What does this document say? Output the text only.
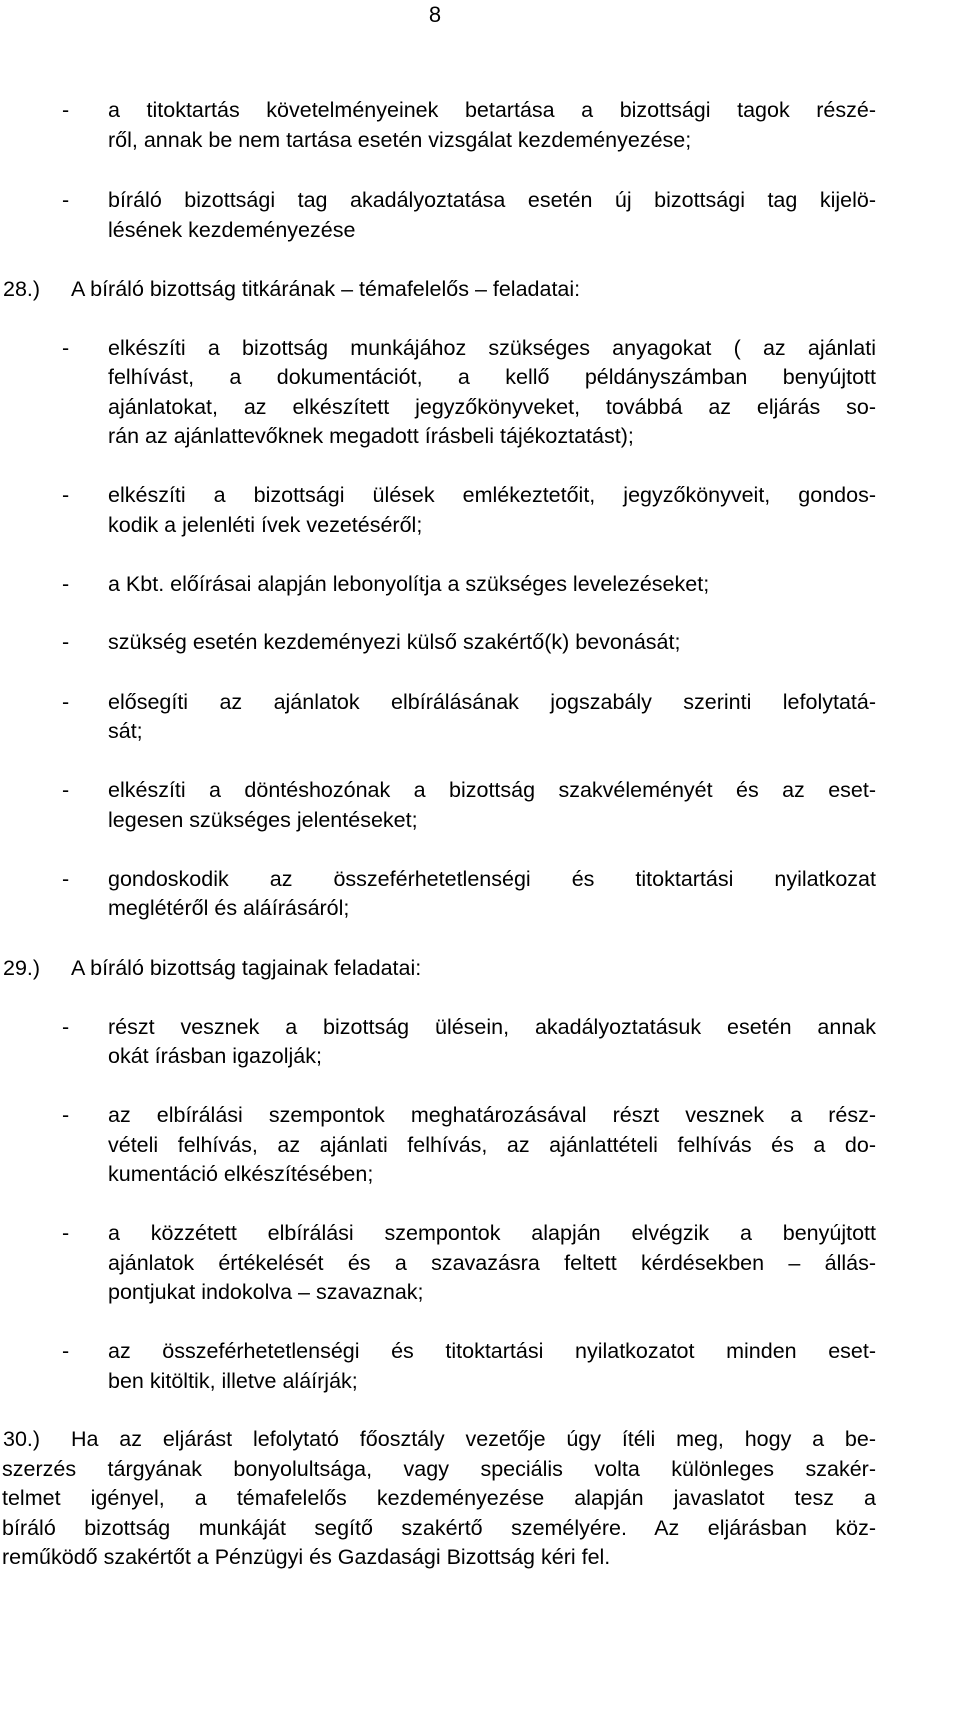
8
- a titoktartás követelményeinek betartása a bizottsági tagok részé-
ről, annak be nem tartása esetén vizsgálat kezdeményezése;
- bíráló bizottsági tag akadályoztatása esetén új bizottsági tag kijelö-
lésének kezdeményezése
28.) A bíráló bizottság titkárának – témafelelős – feladatai:
- elkészíti a bizottság munkájához szükséges anyagokat ( az ajánlati
felhívást, a dokumentációt, a kellő példányszámban benyújtott
ajánlatokat, az elkészített jegyzőkönyveket, továbbá az eljárás so-
rán az ajánlattevőknek megadott írásbeli tájékoztatást);
- elkészíti a bizottsági ülések emlékeztetőit, jegyzőkönyveit, gondos-
kodik a jelenléti ívek vezetéséről;
- a Kbt. előírásai alapján lebonyolítja a szükséges levelezéseket;
- szükség esetén kezdeményezi külső szakértő(k) bevonását;
- elősegíti az ajánlatok elbírálásának jogszabály szerinti lefolytatá-
sát;
- elkészíti a döntéshozónak a bizottság szakvéleményét és az eset-
legesen szükséges jelentéseket;
- gondoskodik az összeférhetetlenségi és titoktartási nyilatkozat
meglétéről és aláírásáról;
29.) A bíráló bizottság tagjainak feladatai:
- részt vesznek a bizottság ülésein, akadályoztatásuk esetén annak
okát írásban igazolják;
- az elbírálási szempontok meghatározásával részt vesznek a rész-
vételi felhívás, az ajánlati felhívás, az ajánlattételi felhívás és a do-
kumentáció elkészítésében;
- a közzétett elbírálási szempontok alapján elvégzik a benyújtott
ajánlatok értékelését és a szavazásra feltett kérdésekben – állás-
pontjukat indokolva – szavaznak;
- az összeférhetetlenségi és titoktartási nyilatkozatot minden eset-
ben kitöltik, illetve aláírják;
30.) Ha az eljárást lefolytató főosztály vezetője úgy ítéli meg, hogy a be-
szerzés tárgyának bonyolultsága, vagy speciális volta különleges szakér-
telmet igényel, a témafelelős kezdeményezése alapján javaslatot tesz a
bíráló bizottság munkáját segítő szakértő személyére. Az eljárásban köz-
reműködő szakértőt a Pénzügyi és Gazdasági Bizottság kéri fel.
